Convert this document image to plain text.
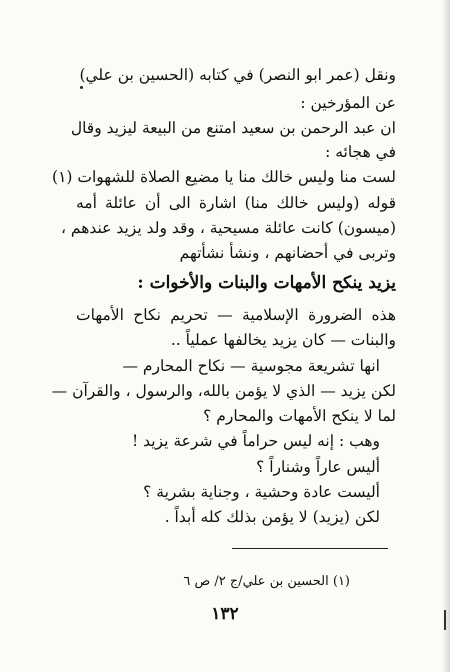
ونقل (عمر ابو النصر) في كتابه (الحسين بن علي)
عن المؤرخين :
ان عبد الرحمن بن سعيد امتنع من البيعة ليزيد وقال
في هجائه :
لست منا وليس خالك منا يا مضيع الصلاة للشهوات (١)
قوله (وليس خالك منا) اشارة الى أن عائلة أمه
(ميسون) كانت عائلة مسيحية ، وقد ولد يزيد عندهم ،
وتربى في أحضانهم ، ونشأ نشأتهم
يزيد ينكح الأمهات والبنات والأخوات :
هذه الضرورة الإسلامية — تحريم نكاح الأمهات
والبنات — كان يزيد يخالفها عملياً ..
انها تشريعة مجوسية — نكاح المحارم —
لكن يزيد — الذي لا يؤمن بالله، والرسول ، والقرآن —
لما لا ينكح الأمهات والمحارم ؟
وهب : إنه ليس حراماً في شرعة يزيد !
أليس عاراً وشناراً ؟
أليست عادة وحشية ، وجناية بشرية ؟
لكن (يزيد) لا يؤمن بذلك كله أبداً .
(١) الحسين بن علي/ج ٢/ ص ٦
١٣٢
